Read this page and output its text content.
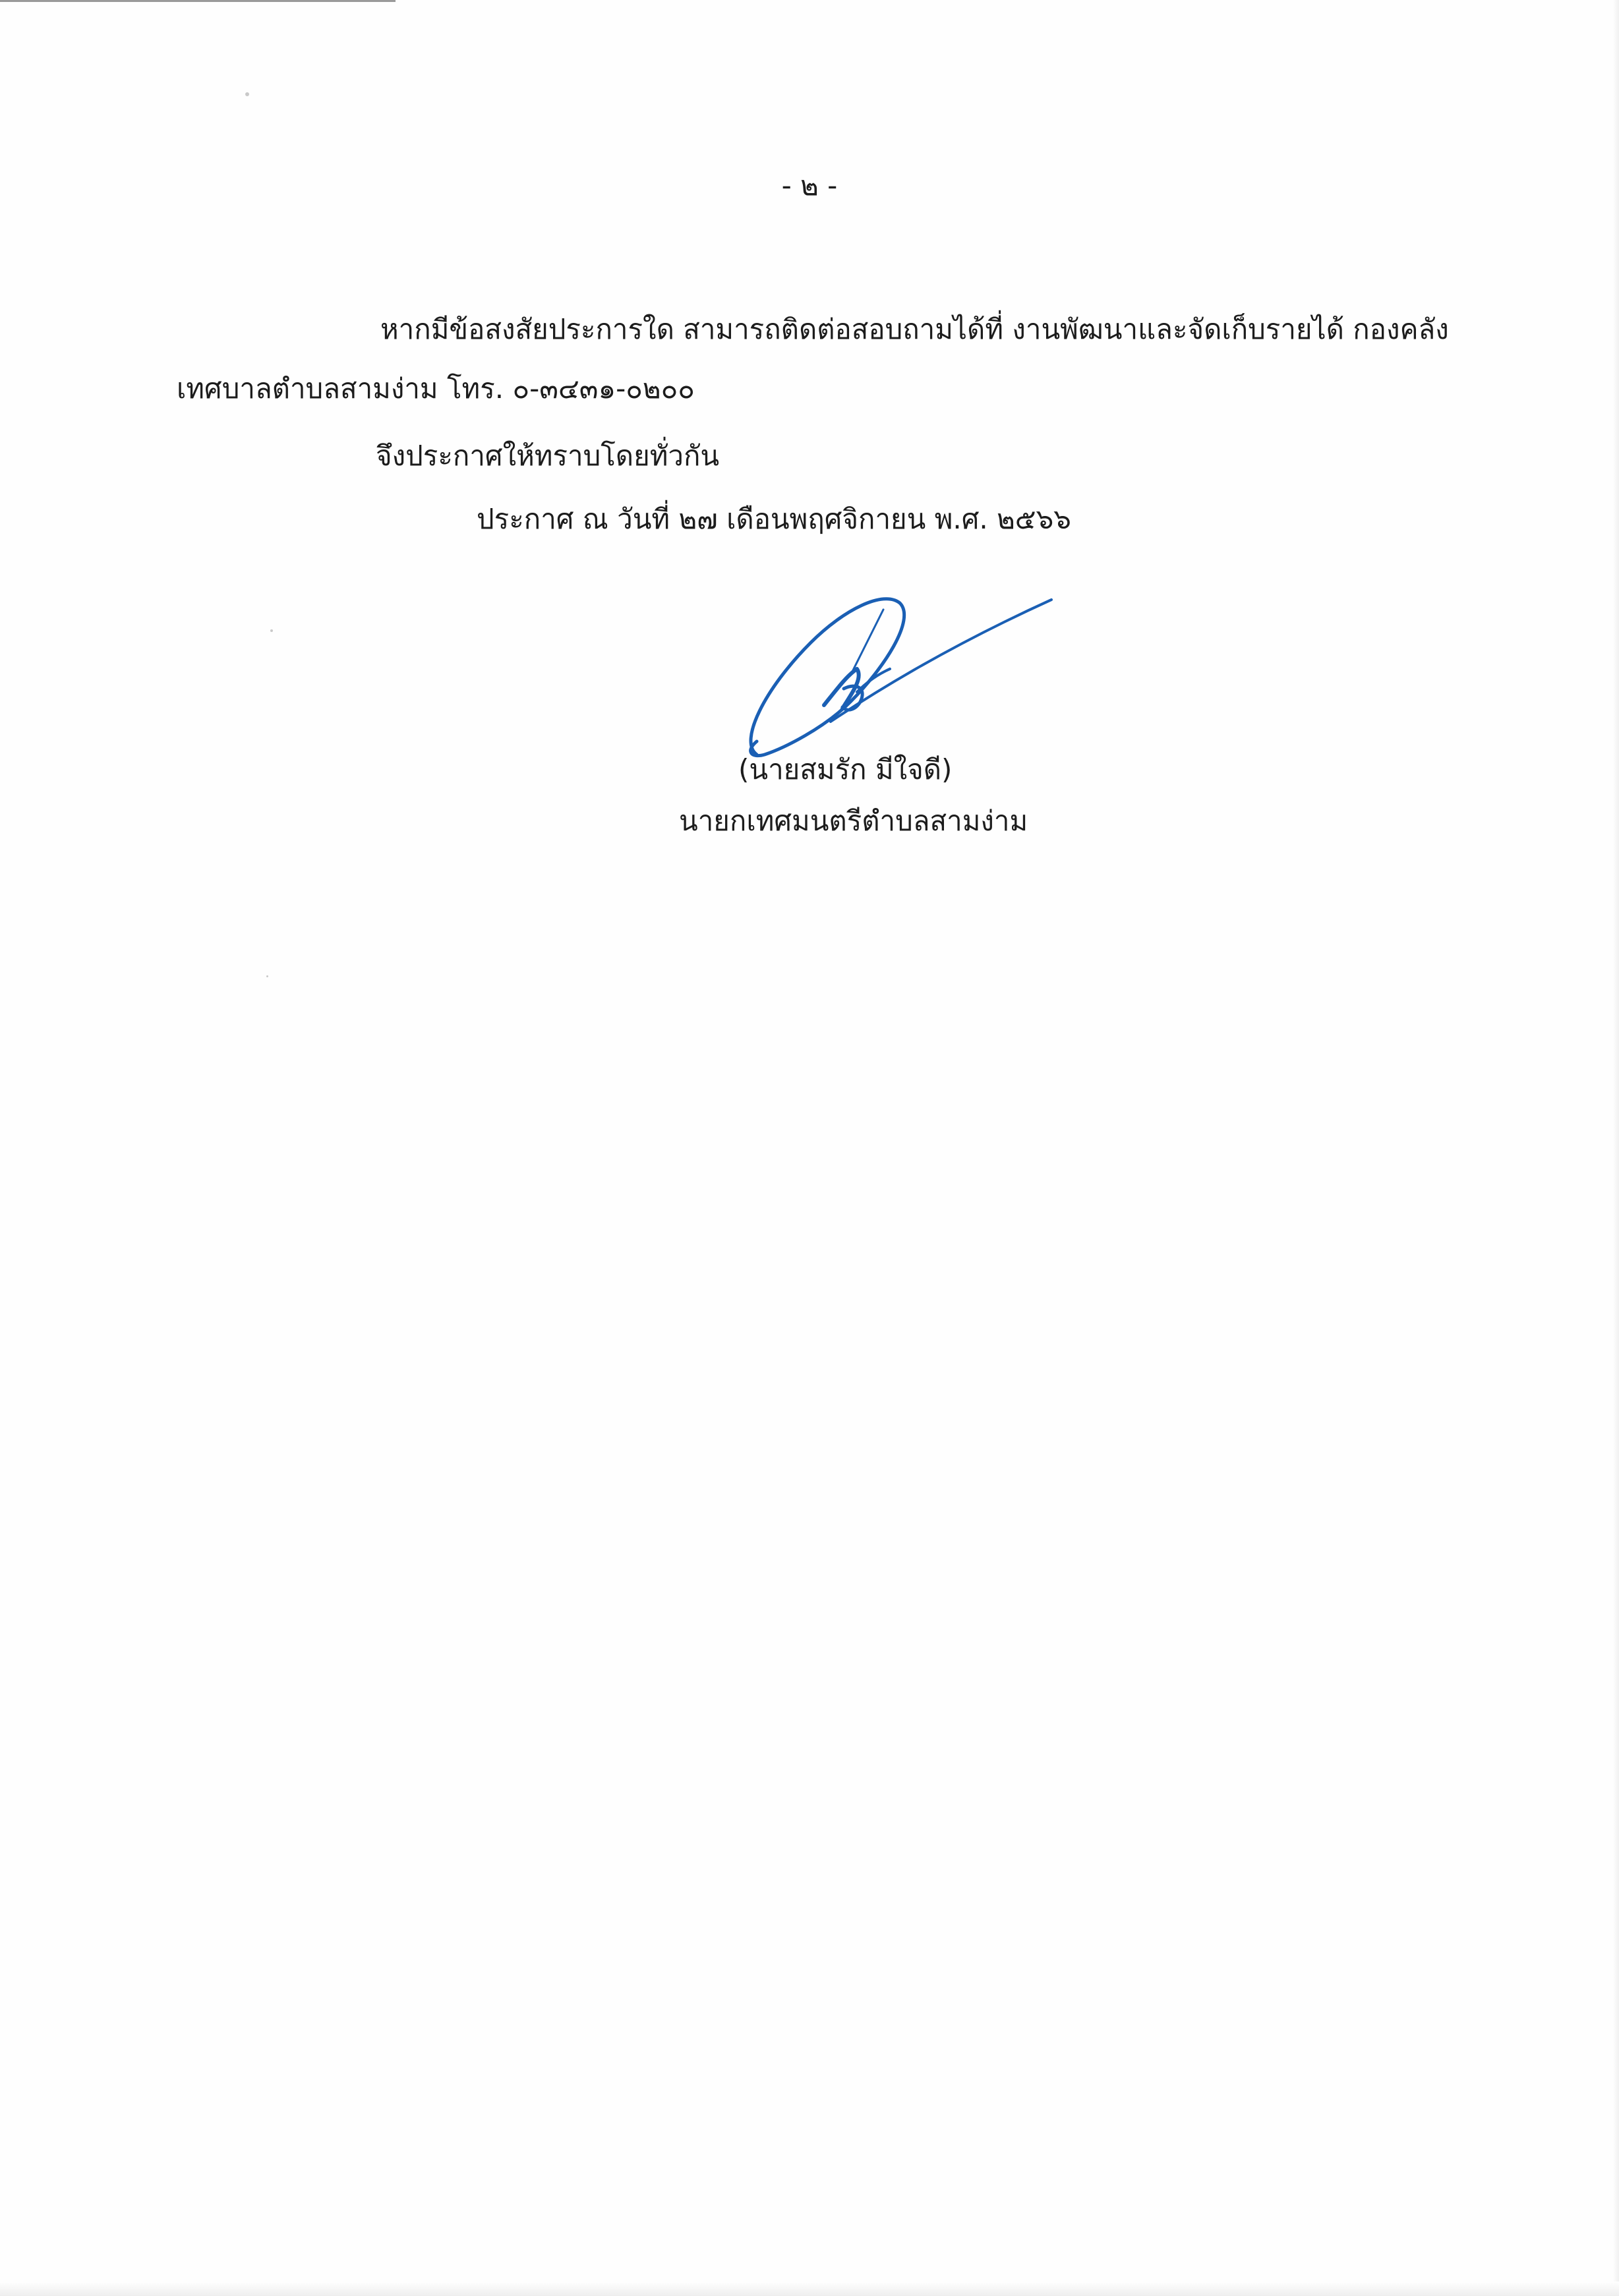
- ๒ -
หากมีข้อสงสัยประการใด สามารถติดต่อสอบถามได้ที่ งานพัฒนาและจัดเก็บรายได้ กองคลัง
เทศบาลตำบลสามง่าม โทร. ๐-๓๔๓๑-๐๒๐๐
จึงประกาศให้ทราบโดยทั่วกัน
ประกาศ ณ วันที่ ๒๗ เดือนพฤศจิกายน พ.ศ. ๒๕๖๖
(นายสมรัก มีใจดี)
นายกเทศมนตรีตำบลสามง่าม
